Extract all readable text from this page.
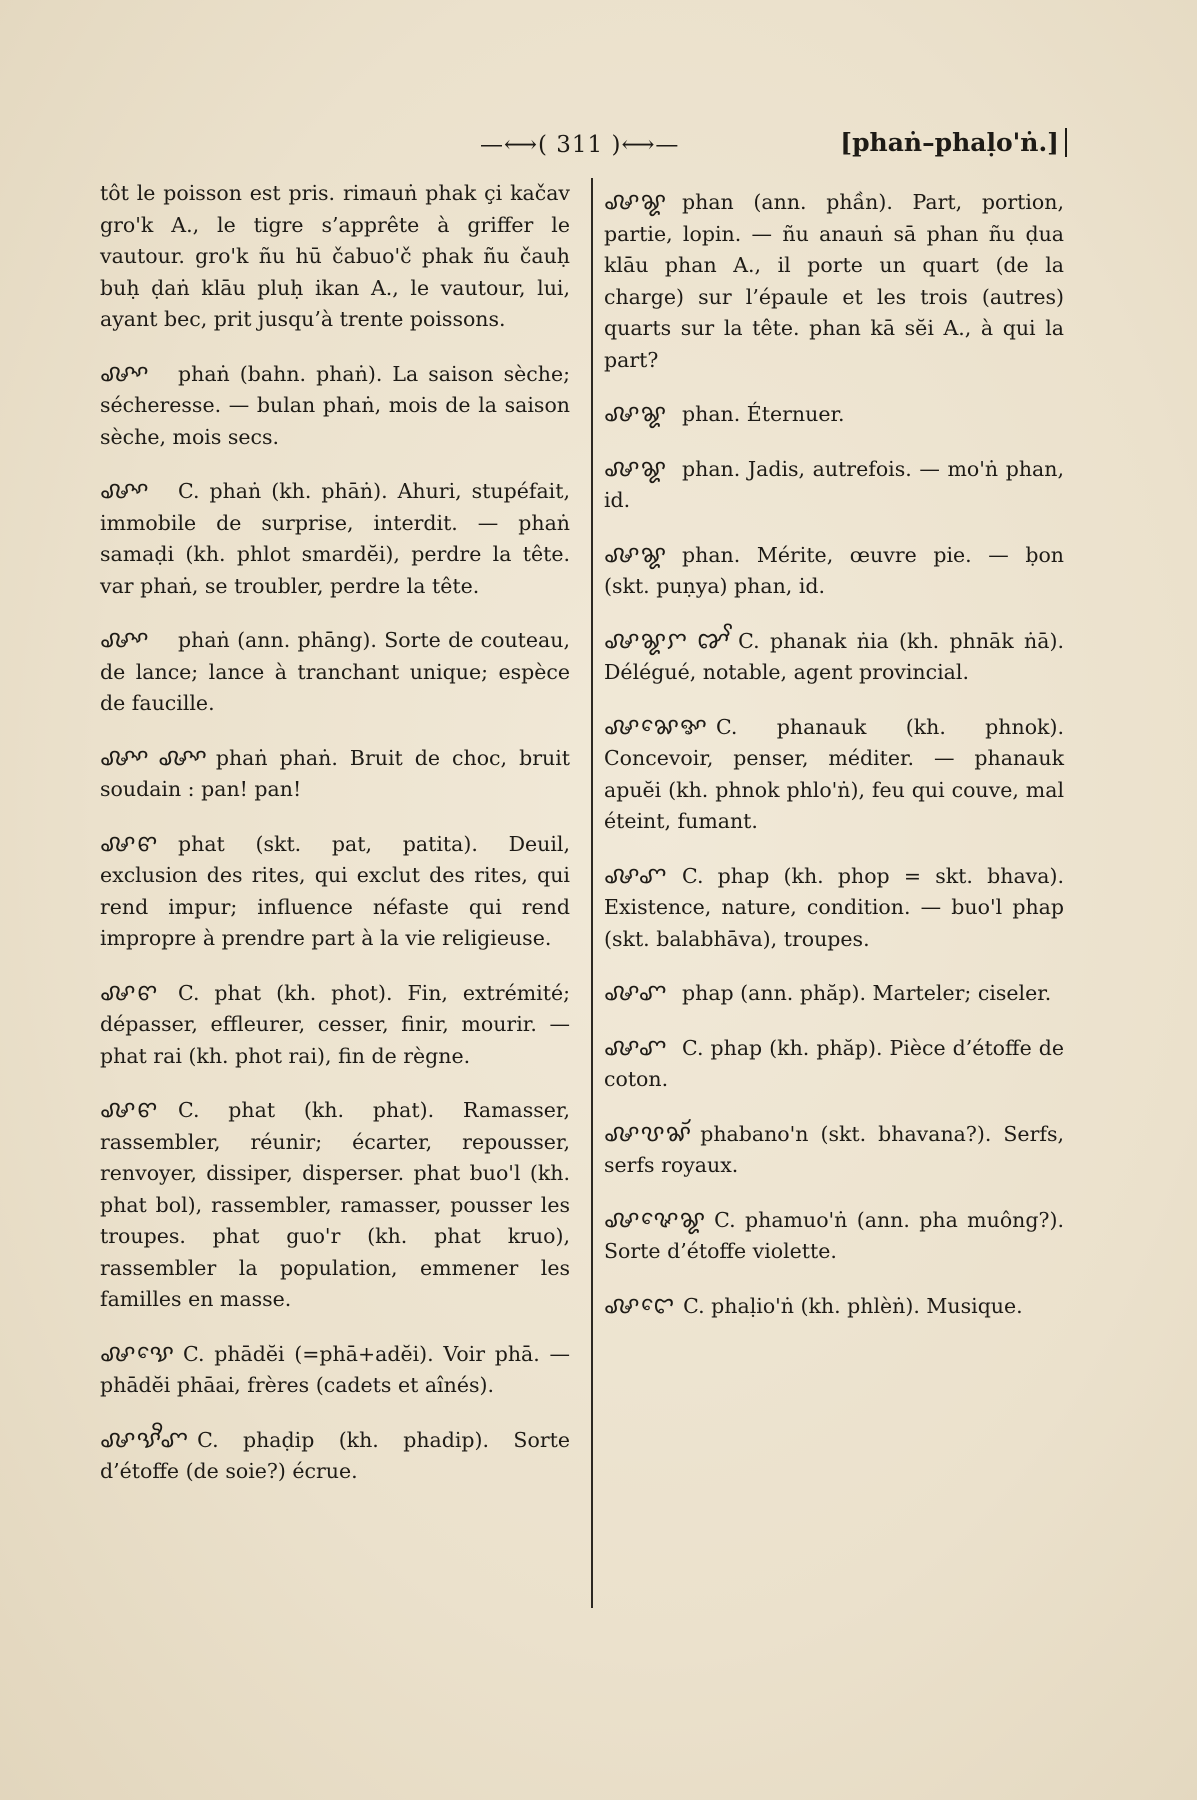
—⟷( 311 )⟷—	[phaṅ–phaḷo'ṅ.]

tôt le poisson est pris. rimauṅ phak çi kačav gro'k A., le tigre s’apprête à griffer le vautour. gro'k ñu hū čabuo'č phak ñu čauḥ buḥ ḍaṅ klāu pluḥ ikan A., le vautour, lui, ayant bec, prit jusqu’à trente poissons.

ꨜꨳ phaṅ (bahn. phaṅ). La saison sèche; sécheresse. — bulan phaṅ, mois de la saison sèche, mois secs.

ꨜꨳ C. phaṅ (kh. phāṅ). Ahuri, stupéfait, immobile de surprise, interdit. — phaṅ samaḍi (kh. phlot smardĕi), perdre la tête. var phaṅ, se troubler, perdre la tête.

ꨜꨳ phaṅ (ann. phāng). Sorte de couteau, de lance; lance à tranchant unique; espèce de faucille.

ꨜꨳ ꨜꨳ phaṅ phaṅ. Bruit de choc, bruit soudain : pan! pan!

ꨜꨓ phat (skt. pat, patita). Deuil, exclusion des rites, qui exclut des rites, qui rend impur; influence néfaste qui rend impropre à prendre part à la vie religieuse.

ꨜꨓ C. phat (kh. phot). Fin, extrémité; dépasser, effleurer, cesser, finir, mourir. — phat rai (kh. phot rai), fin de règne.

ꨜꨓ C. phat (kh. phat). Ramasser, rassembler, réunir; écarter, repousser, renvoyer, dissiper, disperser. phat buo'l (kh. phat bol), rassembler, ramasser, pousser les troupes. phat guo'r (kh. phat kruo), rassembler la population, emmener les familles en masse.

ꨜꨕꨯ C. phādĕi (=phā+adĕi). Voir phā. — phādĕi phāai, frères (cadets et aînés).

ꨜꨕꨪꨚ C. phaḍip (kh. phadip). Sorte d’étoffe (de soie?) écrue.

ꨜꨘ phan (ann. phần). Part, portion, partie, lopin. — ñu anauṅ sā phan ñu ḍua klāu phan A., il porte un quart (de la charge) sur l’épaule et les trois (autres) quarts sur la tête. phan kā sĕi A., à qui la part?

ꨜꨘ phan. Éternuer.

ꨜꨘ phan. Jadis, autrefois. — mo'ṅ phan, id.

ꨜꨘ phan. Mérite, œuvre pie. — ḅon (skt. puṇya) phan, id.

ꨜꨘꨆ ꨐꨩ C. phanak ṅia (kh. phnāk ṅā). Délégué, notable, agent provincial.

ꨜꨗꨯꨀ C. phanauk (kh. phnok). Concevoir, penser, méditer. — phanauk apuĕi (kh. phnok phlo'ṅ), feu qui couve, mal éteint, fumant.

ꨜꨚ C. phap (kh. phop = skt. bhava). Existence, nature, condition. — buo'l phap (skt. balabhāva), troupes.

ꨜꨚ phap (ann. phăp). Marteler; ciseler.

ꨜꨚ C. phap (kh. phăp). Pièce d’étoffe de coton.

ꨜꨝꨗꨮ phabano'n (skt. bhavana?). Serfs, serfs royaux.

ꨜꨟꨯꨘ C. phamuo'ṅ (ann. pha muông?). Sorte d’étoffe violette.

ꨜꨤꨯ C. phaḷio'ṅ (kh. phlèṅ). Musique.
